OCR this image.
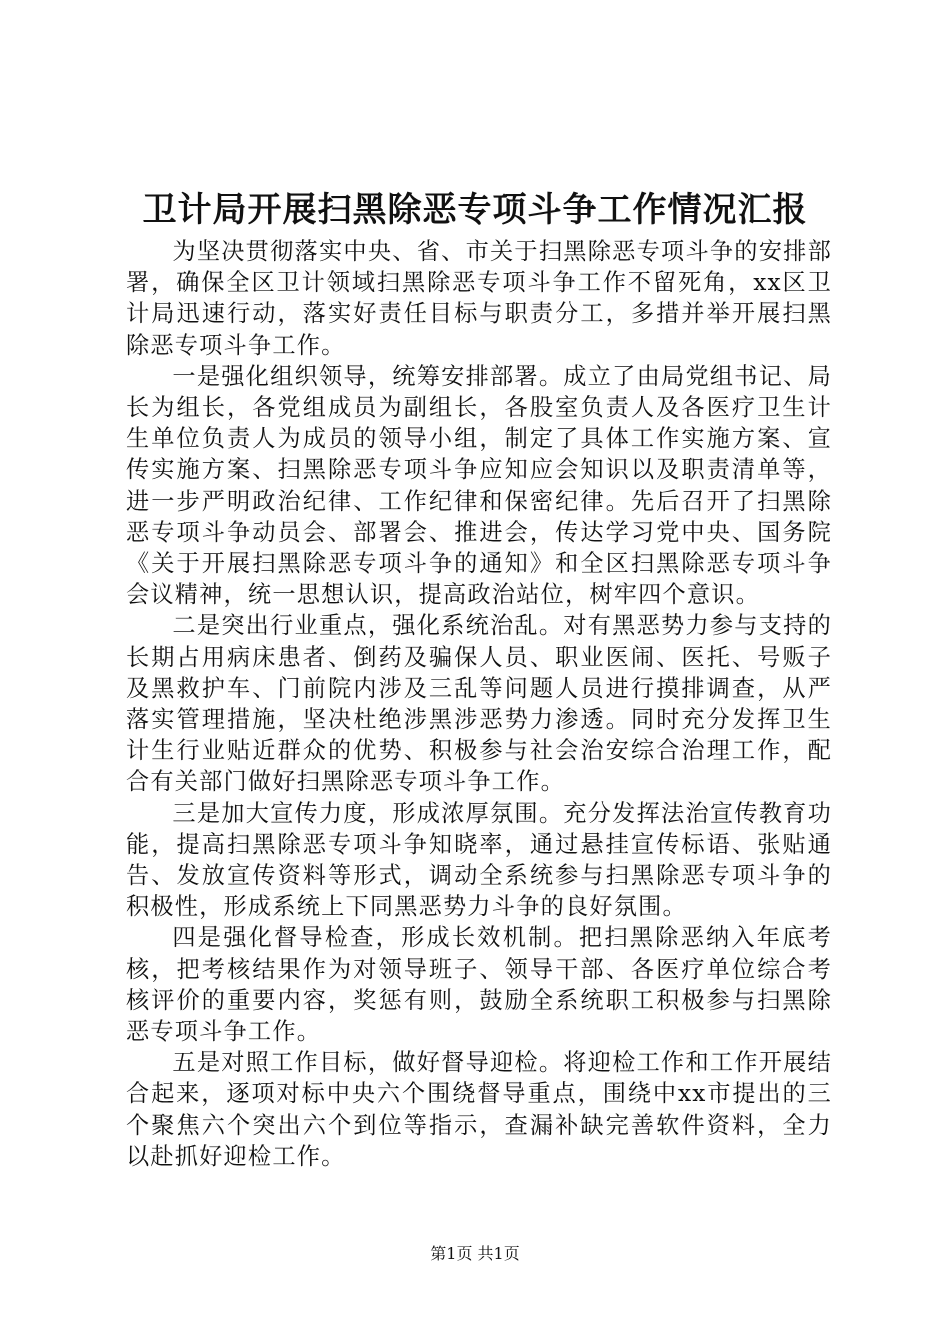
卫计局开展扫黑除恶专项斗争工作情况汇报

为坚决贯彻落实中央、省、市关于扫黑除恶专项斗争的安排部署，确保全区卫计领域扫黑除恶专项斗争工作不留死角，xx区卫计局迅速行动，落实好责任目标与职责分工，多措并举开展扫黑除恶专项斗争工作。

一是强化组织领导，统筹安排部署。成立了由局党组书记、局长为组长，各党组成员为副组长，各股室负责人及各医疗卫生计生单位负责人为成员的领导小组，制定了具体工作实施方案、宣传实施方案、扫黑除恶专项斗争应知应会知识以及职责清单等，进一步严明政治纪律、工作纪律和保密纪律。先后召开了扫黑除恶专项斗争动员会、部署会、推进会，传达学习党中央、国务院《关于开展扫黑除恶专项斗争的通知》和全区扫黑除恶专项斗争会议精神，统一思想认识，提高政治站位，树牢四个意识。

二是突出行业重点，强化系统治乱。对有黑恶势力参与支持的长期占用病床患者、倒药及骗保人员、职业医闹、医托、号贩子及黑救护车、门前院内涉及三乱等问题人员进行摸排调查，从严落实管理措施，坚决杜绝涉黑涉恶势力渗透。同时充分发挥卫生计生行业贴近群众的优势、积极参与社会治安综合治理工作，配合有关部门做好扫黑除恶专项斗争工作。

三是加大宣传力度，形成浓厚氛围。充分发挥法治宣传教育功能，提高扫黑除恶专项斗争知晓率，通过悬挂宣传标语、张贴通告、发放宣传资料等形式，调动全系统参与扫黑除恶专项斗争的积极性，形成系统上下同黑恶势力斗争的良好氛围。

四是强化督导检查，形成长效机制。把扫黑除恶纳入年底考核，把考核结果作为对领导班子、领导干部、各医疗单位综合考核评价的重要内容，奖惩有则，鼓励全系统职工积极参与扫黑除恶专项斗争工作。

五是对照工作目标，做好督导迎检。将迎检工作和工作开展结合起来，逐项对标中央六个围绕督导重点，围绕中xx市提出的三个聚焦六个突出六个到位等指示，查漏补缺完善软件资料，全力以赴抓好迎检工作。

第1页 共1页
